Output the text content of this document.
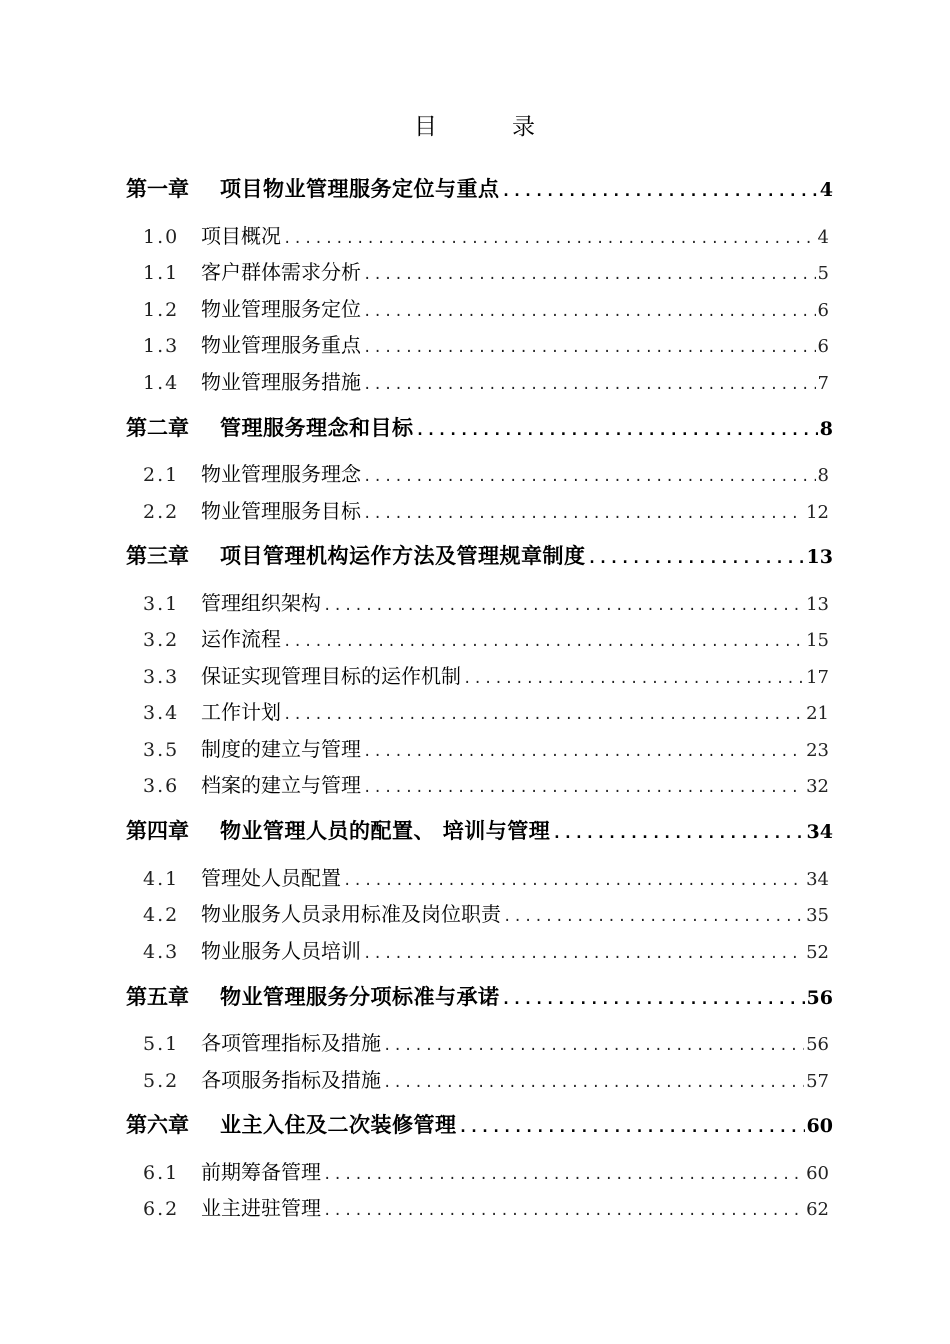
目　录
第一章	项目物业管理服务定位与重点 .....	4
1.0	项目概况 .....	4
1.1	客户群体需求分析 .....	5
1.2	物业管理服务定位 .....	6
1.3	物业管理服务重点 .....	6
1.4	物业管理服务措施 .....	7
第二章	管理服务理念和目标 .....	8
2.1	物业管理服务理念 .....	8
2.2	物业管理服务目标 .....	12
第三章	项目管理机构运作方法及管理规章制度 .....	13
3.1	管理组织架构 .....	13
3.2	运作流程 .....	15
3.3	保证实现管理目标的运作机制 .....	17
3.4	工作计划 .....	21
3.5	制度的建立与管理 .....	23
3.6	档案的建立与管理 .....	32
第四章	物业管理人员的配置、 培训与管理 .....	34
4.1	管理处人员配置 .....	34
4.2	物业服务人员录用标准及岗位职责 .....	35
4.3	物业服务人员培训 .....	52
第五章	物业管理服务分项标准与承诺 .....	56
5.1	各项管理指标及措施 .....	56
5.2	各项服务指标及措施 .....	57
第六章	业主入住及二次装修管理 .....	60
6.1	前期筹备管理 .....	60
6.2	业主进驻管理 .....	62
